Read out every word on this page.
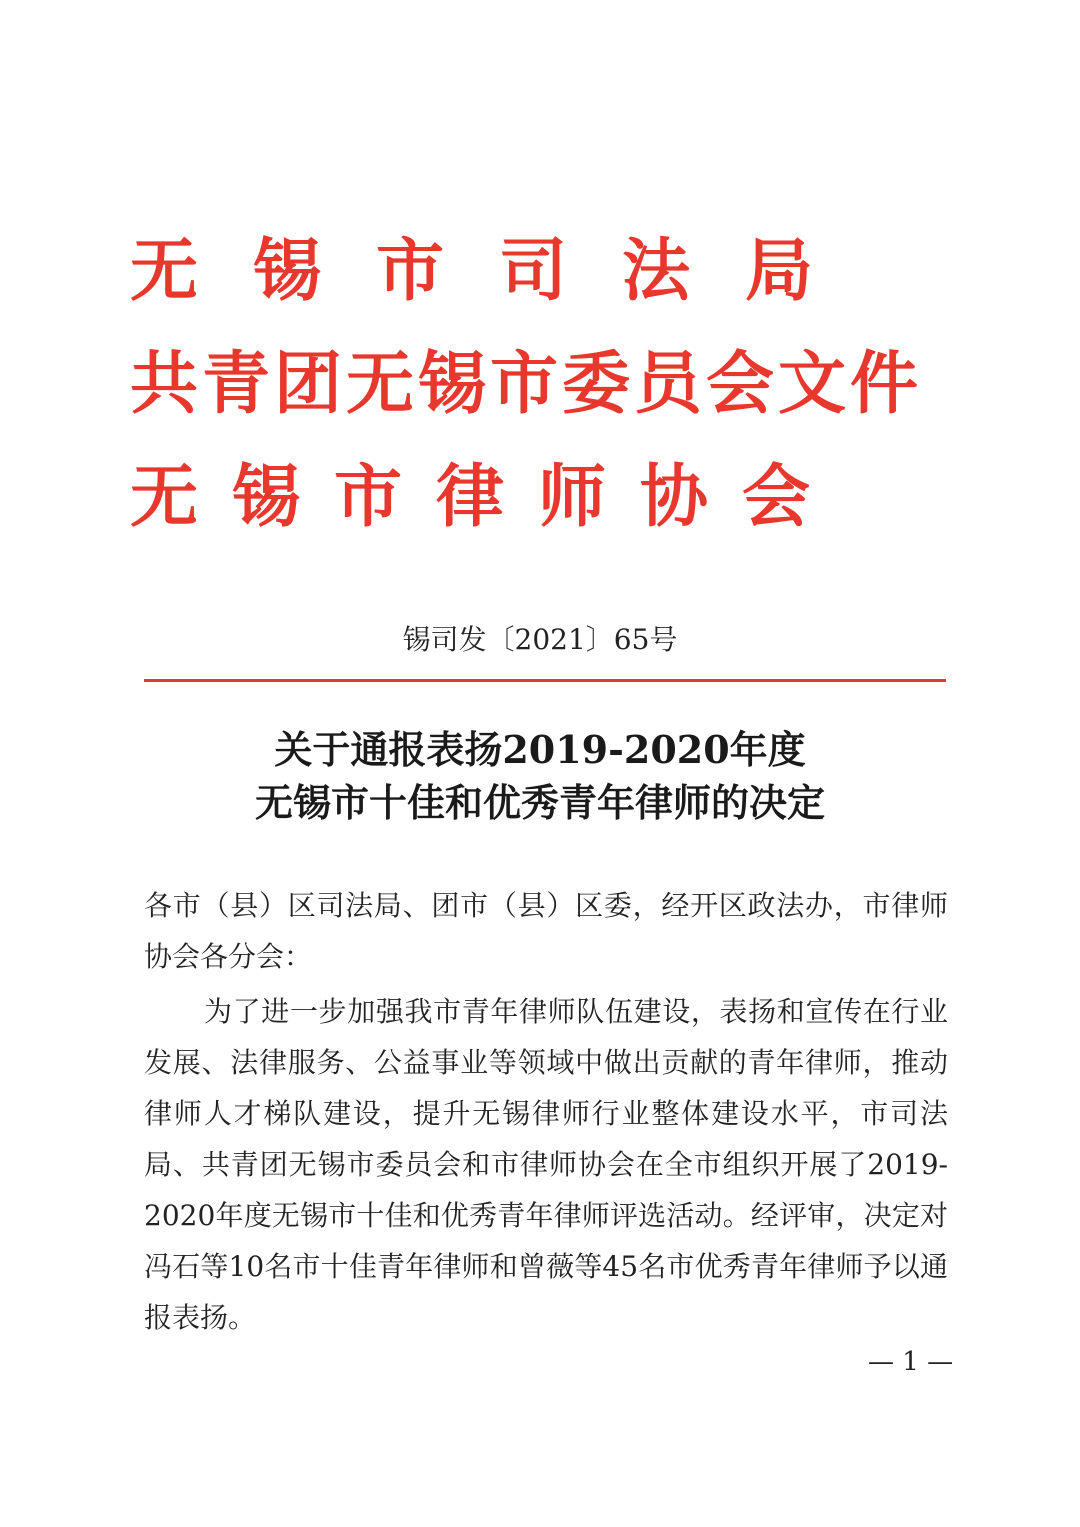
无锡市司法局
共青团无锡市委员会文件
无锡市律师协会
锡司发〔2021〕65号
关于通报表扬2019-2020年度
无锡市十佳和优秀青年律师的决定
各市（县）区司法局、团市（县）区委，经开区政法办，市律师协会各分会：
为了进一步加强我市青年律师队伍建设，表扬和宣传在行业发展、法律服务、公益事业等领域中做出贡献的青年律师，推动律师人才梯队建设，提升无锡律师行业整体建设水平，市司法局、共青团无锡市委员会和市律师协会在全市组织开展了2019-2020年度无锡市十佳和优秀青年律师评选活动。经评审，决定对冯石等10名市十佳青年律师和曾薇等45名市优秀青年律师予以通报表扬。
— 1 —
